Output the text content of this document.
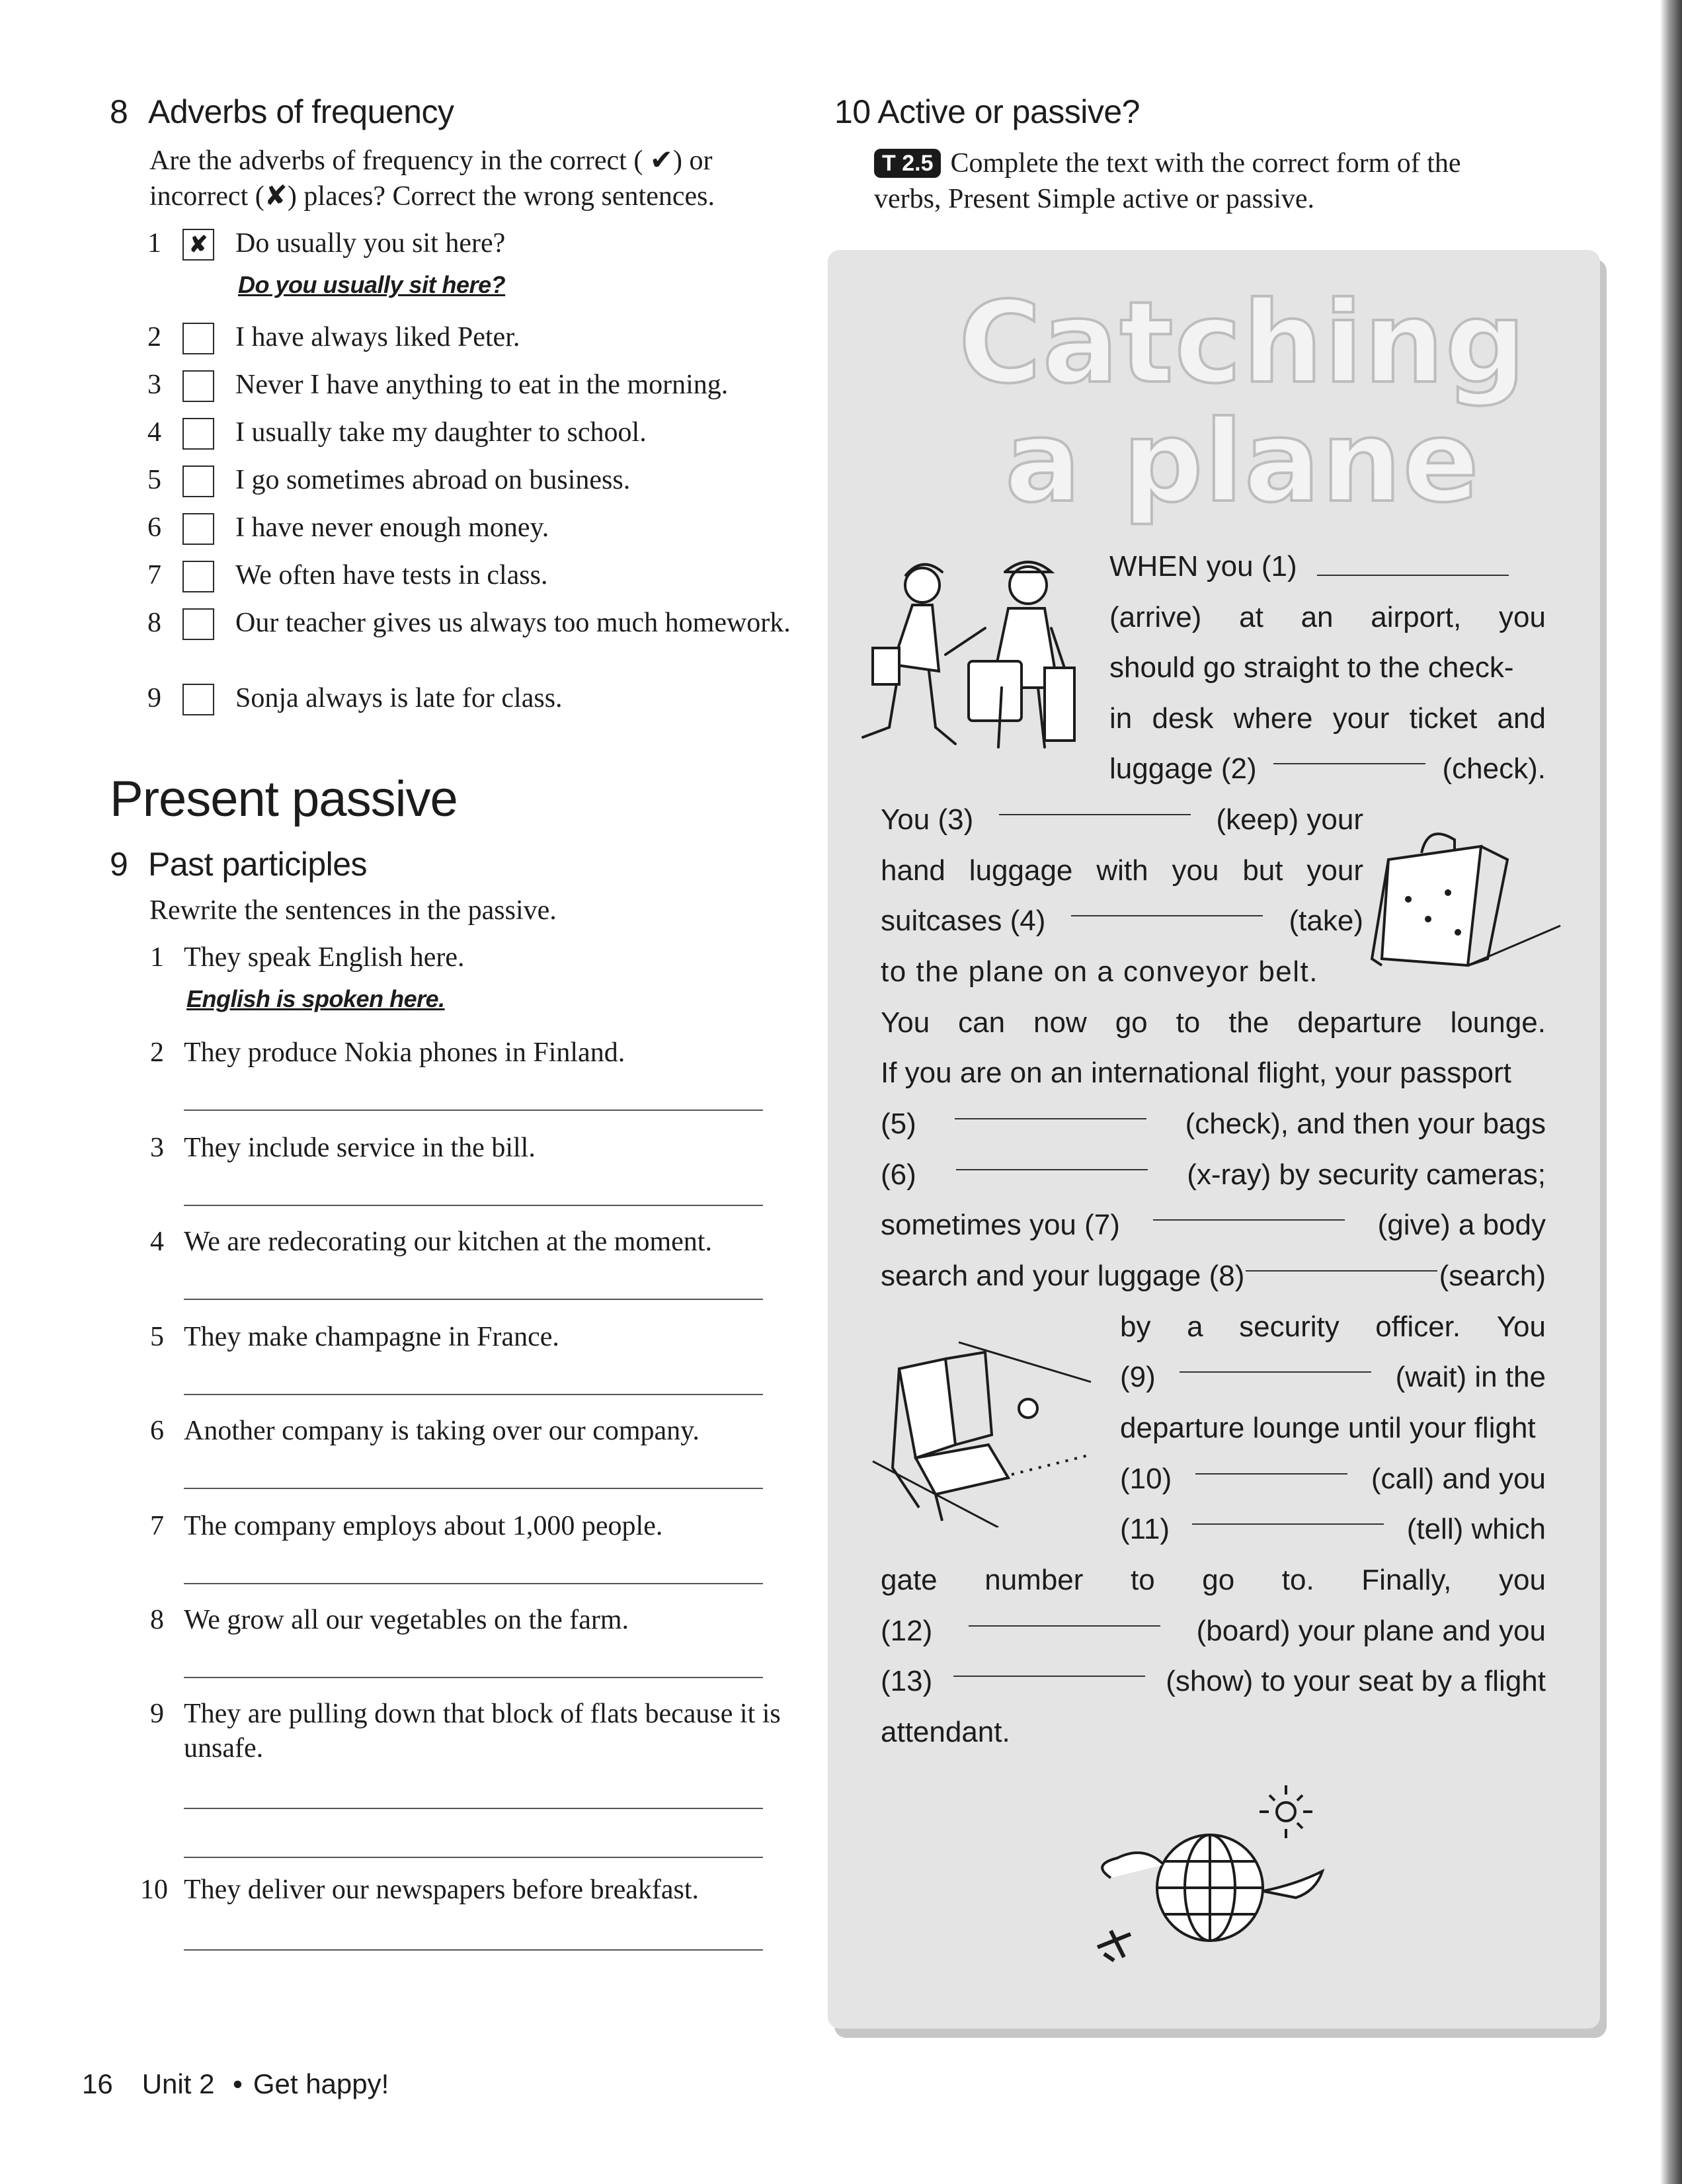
8 Adverbs of frequency
Are the adverbs of frequency in the correct ( ✔) or
incorrect (✘) places? Correct the wrong sentences.
1 ✘ Do usually you sit here?
2	I have always liked Peter.
3	Never I have anything to eat in the morning.
4	I usually take my daughter to school.
5	I go sometimes abroad on business.
6	I have never enough money.
7	We often have tests in class.
8	Our teacher gives us always too much homework.
9	Sonja always is late for class.
Do you usually sit here?
Present passive
9 Past participles
Rewrite the sentences in the passive.
1 They speak English here.
2 They produce Nokia phones in Finland.
3 They include service in the bill.
4 We are redecorating our kitchen at the moment.
5 They make champagne in France.
6 Another company is taking over our company.
7 The company employs about 1,000 people.
8 We grow all our vegetables on the farm.
9 They are pulling down that block of flats because it is unsafe.
10 They deliver our newspapers before breakfast.
English is spoken here.
16 Unit 2 • Get happy!
10 Active or passive?
T 2.5 Complete the text with the correct form of the
verbs, Present Simple active or passive.
Catching
a plane
WHEN you (1)
(arrive) at an airport, you
should go straight to the check-
in desk where your ticket and
luggage (2)	(check).
You (3)	(keep) your
hand luggage with you but your
suitcases (4)	(take)
to the plane on a conveyor belt.
You can now go to the departure lounge.
If you are on an international flight, your passport
(5)	(check), and then your bags
(6)	(x-ray) by security cameras;
sometimes you (7)	(give) a body
search and your luggage (8)	(search)
by a security officer. You
(9)	(wait) in the
departure lounge until your flight
(10)	(call) and you
(11)	(tell) which
gate number to go to. Finally, you
(12)	(board) your plane and you
(13)	(show) to your seat by a flight
attendant.
